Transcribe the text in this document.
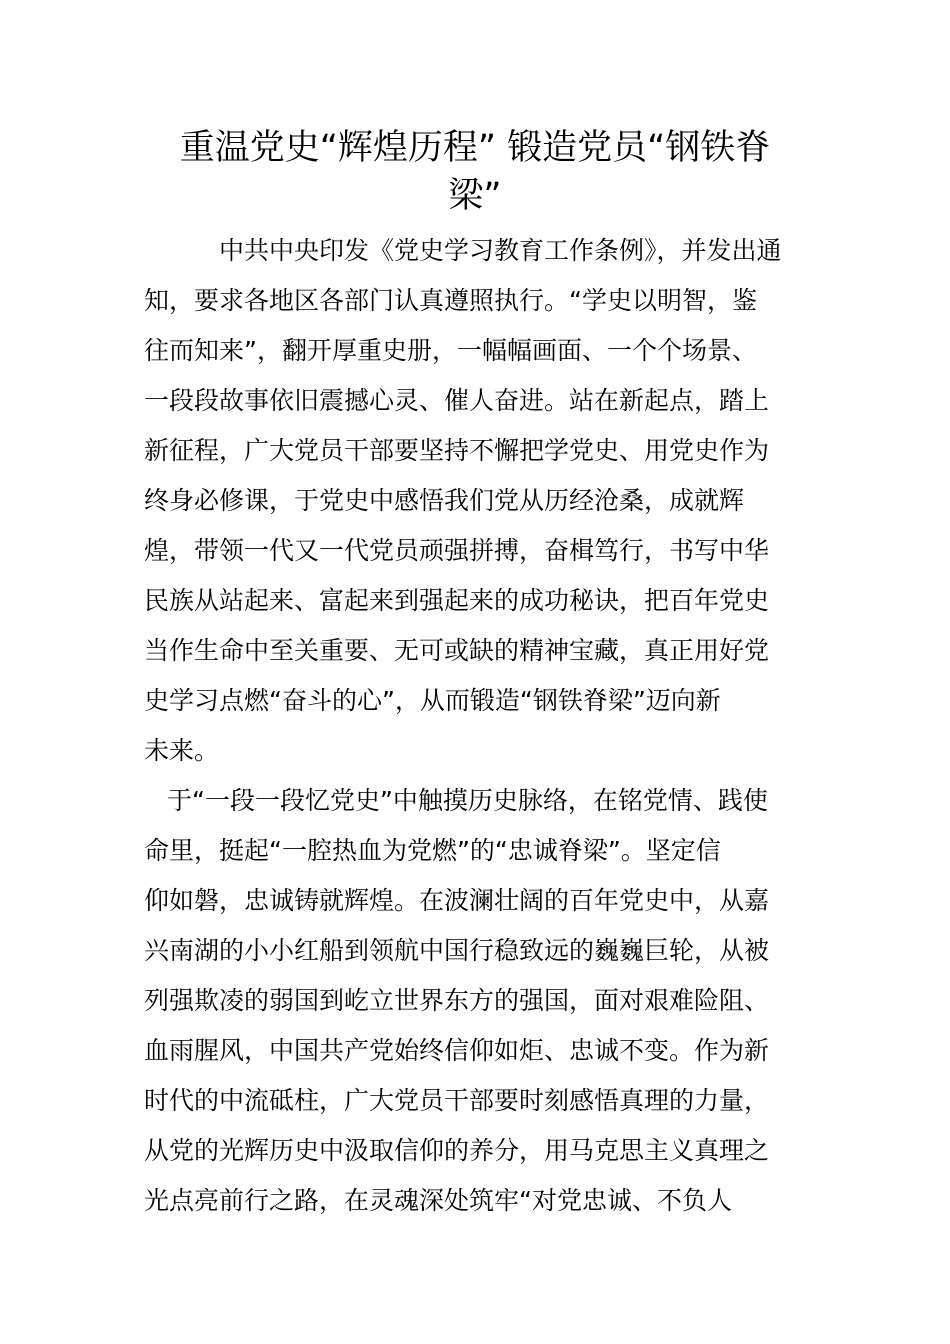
重温党史“辉煌历程” 锻造党员“钢铁脊
梁”
中共中央印发《党史学习教育工作条例》，并发出通
知，要求各地区各部门认真遵照执行。“学史以明智，鉴
往而知来”，翻开厚重史册，一幅幅画面、一个个场景、
一段段故事依旧震撼心灵、催人奋进。站在新起点，踏上
新征程，广大党员干部要坚持不懈把学党史、用党史作为
终身必修课，于党史中感悟我们党从历经沧桑，成就辉
煌，带领一代又一代党员顽强拼搏，奋楫笃行，书写中华
民族从站起来、富起来到强起来的成功秘诀，把百年党史
当作生命中至关重要、无可或缺的精神宝藏，真正用好党
史学习点燃“奋斗的心”，从而锻造“钢铁脊梁”迈向新
未来。
于“一段一段忆党史”中触摸历史脉络，在铭党情、践使
命里，挺起“一腔热血为党燃”的“忠诚脊梁”。坚定信
仰如磐，忠诚铸就辉煌。在波澜壮阔的百年党史中，从嘉
兴南湖的小小红船到领航中国行稳致远的巍巍巨轮，从被
列强欺凌的弱国到屹立世界东方的强国，面对艰难险阻、
血雨腥风，中国共产党始终信仰如炬、忠诚不变。作为新
时代的中流砥柱，广大党员干部要时刻感悟真理的力量，
从党的光辉历史中汲取信仰的养分，用马克思主义真理之
光点亮前行之路，在灵魂深处筑牢“对党忠诚、不负人
